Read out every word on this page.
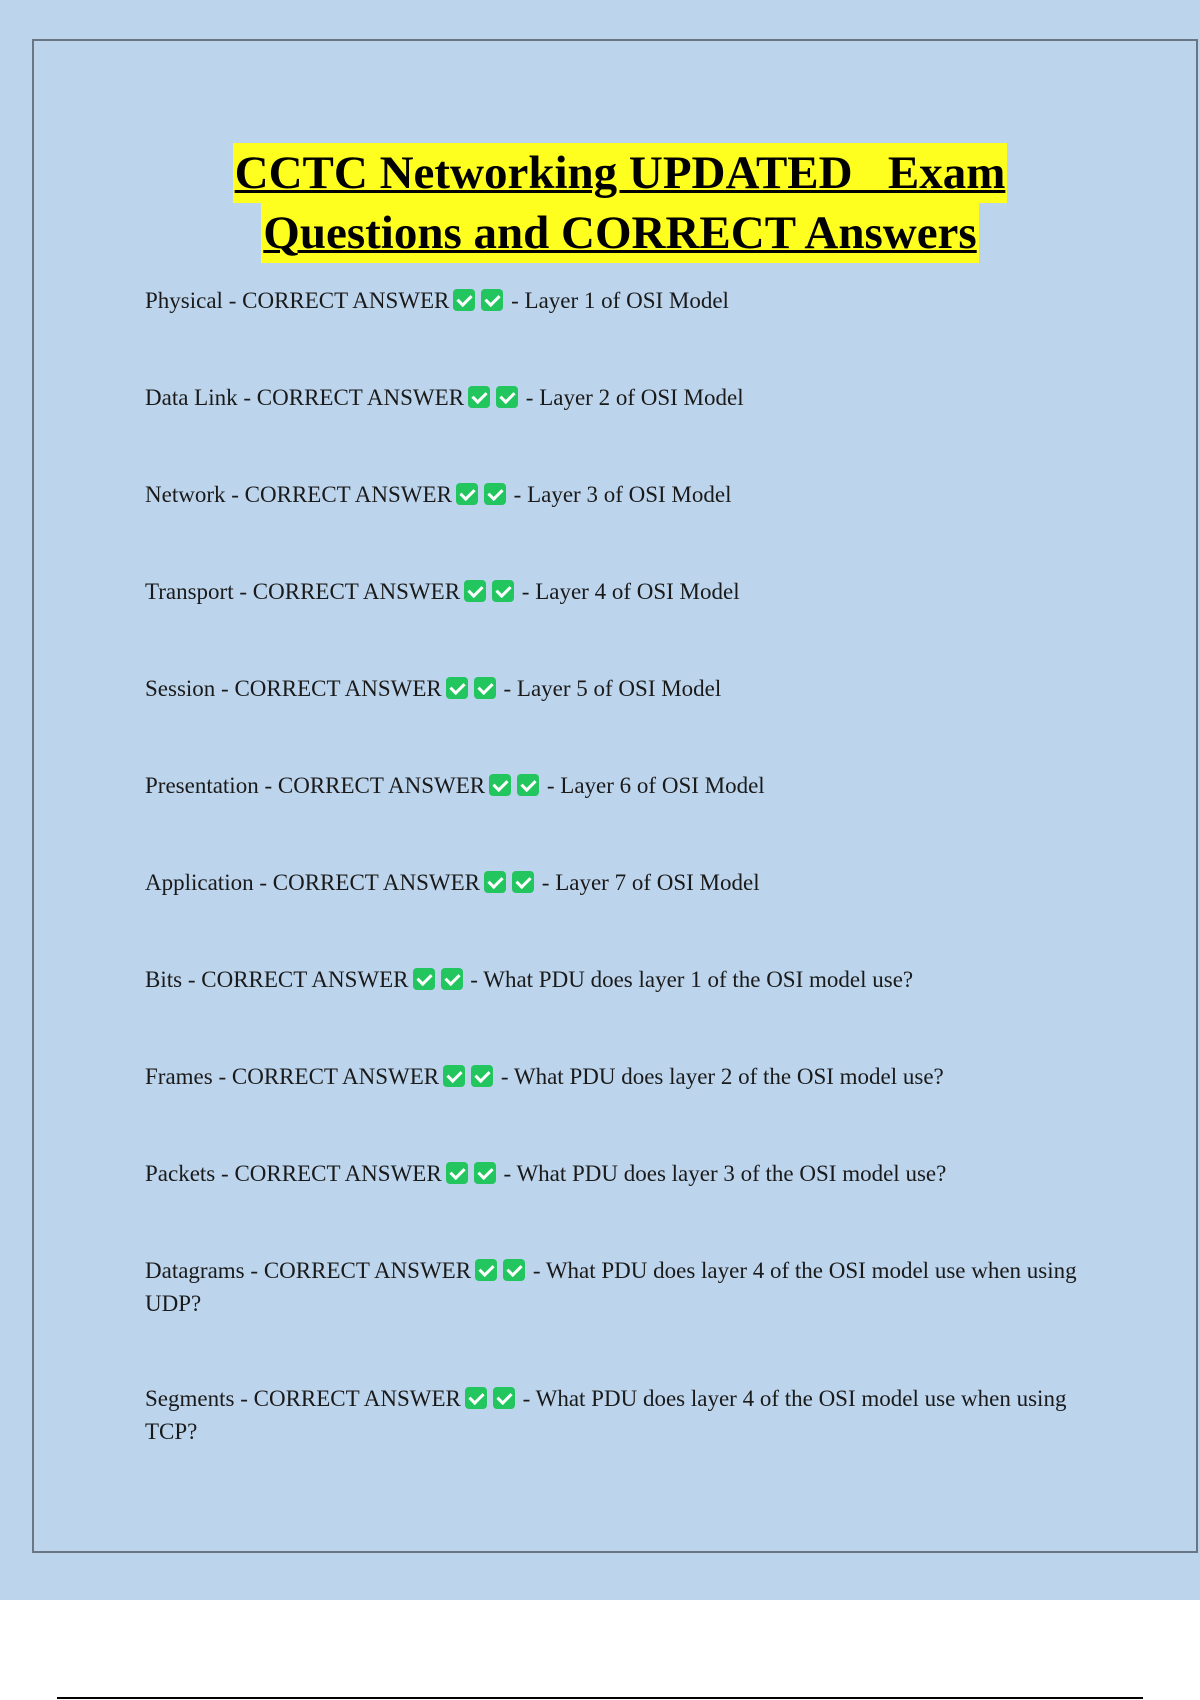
CCTC Networking UPDATED   Exam
Questions and CORRECT Answers
Physical - CORRECT ANSWER - Layer 1 of OSI Model
Data Link - CORRECT ANSWER - Layer 2 of OSI Model
Network - CORRECT ANSWER - Layer 3 of OSI Model
Transport - CORRECT ANSWER - Layer 4 of OSI Model
Session - CORRECT ANSWER - Layer 5 of OSI Model
Presentation - CORRECT ANSWER - Layer 6 of OSI Model
Application - CORRECT ANSWER - Layer 7 of OSI Model
Bits - CORRECT ANSWER - What PDU does layer 1 of the OSI model use?
Frames - CORRECT ANSWER - What PDU does layer 2 of the OSI model use?
Packets - CORRECT ANSWER - What PDU does layer 3 of the OSI model use?
Datagrams - CORRECT ANSWER - What PDU does layer 4 of the OSI model use when using UDP?
Segments - CORRECT ANSWER - What PDU does layer 4 of the OSI model use when using TCP?
